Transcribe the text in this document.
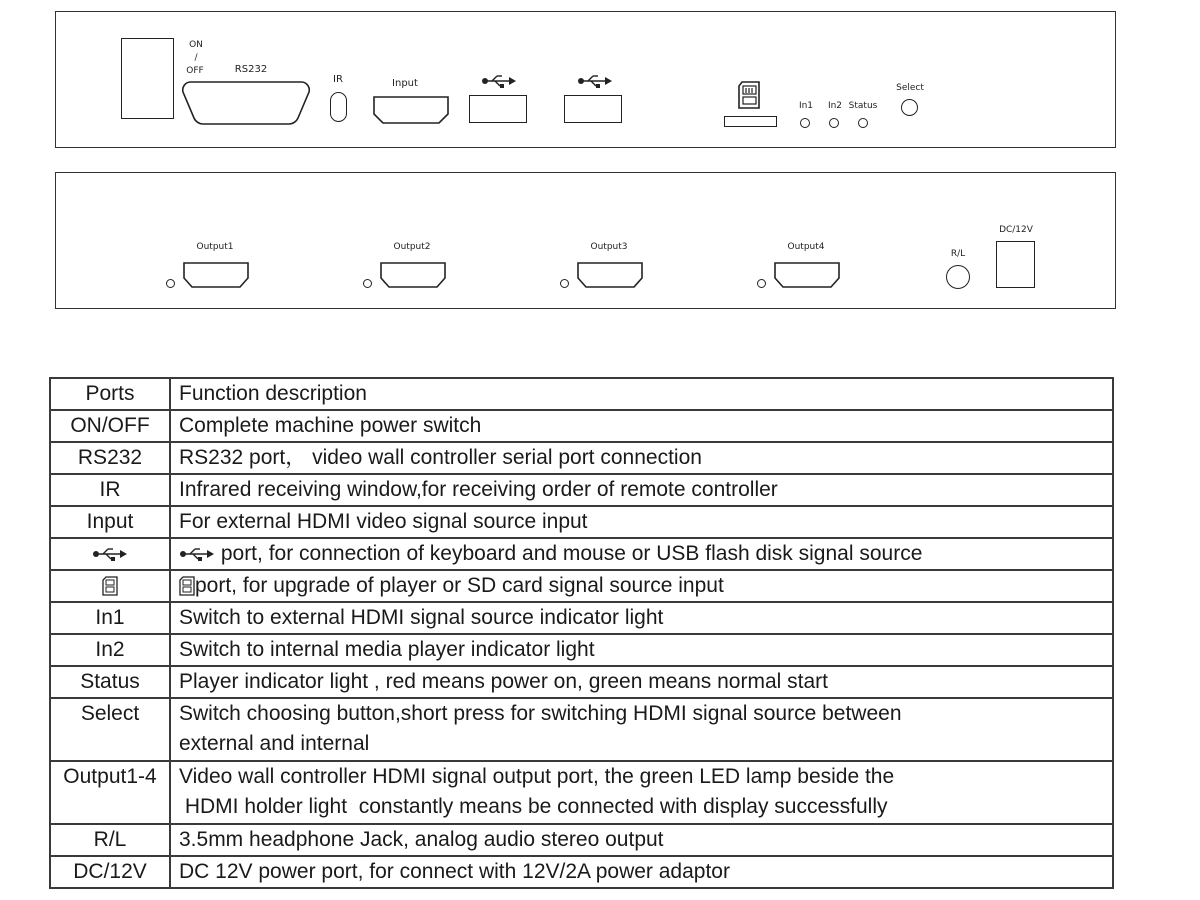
ON
/
OFF	RS232
IR	Input
In1	In2 Status
Select
Output1	Output2	Output3	Output4
R/L
DC/12V
Ports	Function description
ON/OFF	Complete machine power switch
RS232	RS232 port， video wall controller serial port connection
IR	Infrared receiving window,for receiving order of remote controller
Input	For external HDMI video signal source input
	port, for connection of keyboard and mouse or USB flash disk signal source
	port, for upgrade of player or SD card signal source input
In1	Switch to external HDMI signal source indicator light
In2	Switch to internal media player indicator light
Status	Player indicator light , red means power on, green means normal start
Select	Switch choosing button,short press for switching HDMI signal source between
external and internal
Output1-4	Video wall controller HDMI signal output port, the green LED lamp beside the
HDMI holder light  constantly means be connected with display successfully
R/L	3.5mm headphone Jack, analog audio stereo output
DC/12V	DC 12V power port, for connect with 12V/2A power adaptor
